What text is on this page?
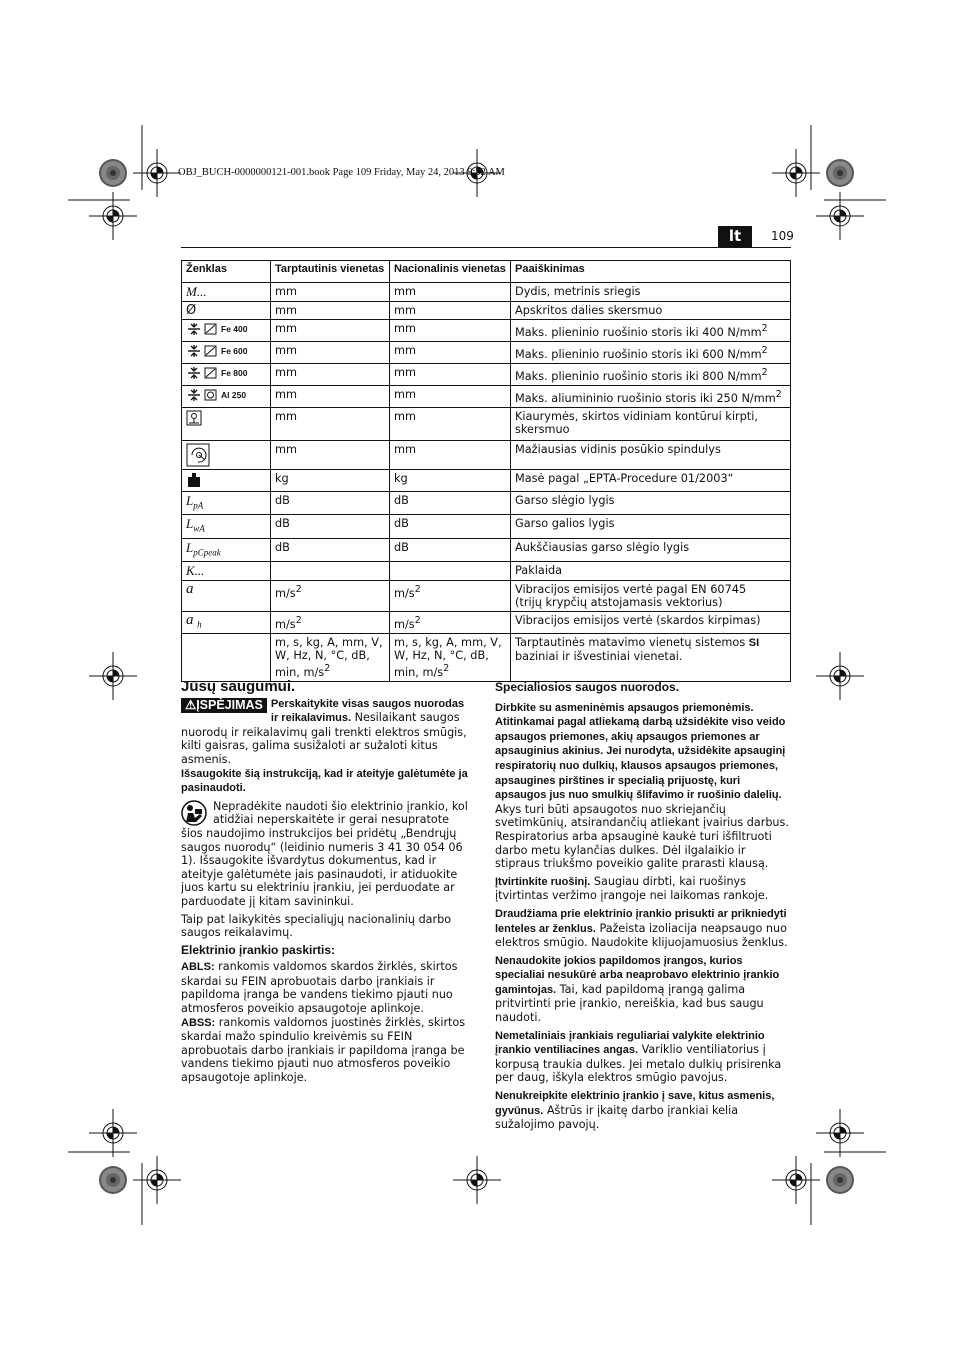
OBJ_BUCH-0000000121-001.book Page 109 Friday, May 24, 2013 9:52 AM
lt	109
Ženklas	Tarptautinis vienetas	Nacionalinis vienetas	Paaiškinimas
M...	mm	mm	Dydis, metrinis sriegis
Ø	mm	mm	Apskritos dalies skersmuo
Fe 400	mm	mm	Maks. plieninio ruošinio storis iki 400 $N/mm^2$
Fe 600	mm	mm	Maks. plieninio ruošinio storis iki 600 $N/mm^2$
Fe 800	mm	mm	Maks. plieninio ruošinio storis iki 800 $N/mm^2$
Al 250	mm	mm	Maks. aliumininio ruošinio storis iki 250 $N/mm^2$
	mm	mm	Kiaurymės, skirtos vidiniam kontūrui kirpti, skersmuo
	mm	mm	Mažiausias vidinis posūkio spindulys
	kg	kg	Masė pagal „EPTA-Procedure 01/2003“
$L_{pA}$	dB	dB	Garso slėgio lygis
$L_{wA}$	dB	dB	Garso galios lygis
$L_{pCpeak}$	dB	dB	Aukščiausias garso slėgio lygis
K...			Paklaida
a	$m/s^2$	$m/s^2$	Vibracijos emisijos vertė pagal EN 60745
(trijų krypčių atstojamasis vektorius)
a $_h$	$m/s^2$	$m/s^2$	Vibracijos emisijos vertė (skardos kirpimas)
	m, s, kg, A, mm, V, W, Hz, N, °C, dB, min, $m/s^2$	m, s, kg, A, mm, V, W, Hz, N, °C, dB, min, $m/s^2$	Tarptautinės matavimo vienetų sistemos SI baziniai ir išvestiniai vienetai.
Jūsų saugumui.

⚠ĮSPĖJIMAS Perskaitykite visas saugos nuorodas ir reikalavimus. Nesilaikant saugos nuorodų ir reikalavimų gali trenkti elektros smūgis, kilti gaisras, galima susižaloti ar sužaloti kitus asmenis.
Išsaugokite šią instrukciją, kad ir ateityje galėtumėte ja pasinaudoti.

Nepradėkite naudoti šio elektrinio įrankio, kol atidžiai neperskaitėte ir gerai nesupratote šios naudojimo instrukcijos bei pridėtų „Bendrųjų saugos nuorodų“ (leidinio numeris 3 41 30 054 06 1). Išsaugokite išvardytus dokumentus, kad ir ateityje galėtumėte jais pasinaudoti, ir atiduokite juos kartu su elektriniu įrankiu, jei perduodate ar parduodate jį kitam savininkui.

Taip pat laikykitės specialiųjų nacionalinių darbo saugos reikalavimų.

Elektrinio įrankio paskirtis:

ABLS: rankomis valdomos skardos žirklės, skirtos skardai su FEIN aprobuotais darbo įrankiais ir papildoma įranga be vandens tiekimo pjauti nuo atmosferos poveikio apsaugotoje aplinkoje.

ABSS: rankomis valdomos juostinės žirklės, skirtos skardai mažo spindulio kreivėmis su FEIN aprobuotais darbo įrankiais ir papildoma įranga be vandens tiekimo pjauti nuo atmosferos poveikio apsaugotoje aplinkoje.

Specialiosios saugos nuorodos.

Dirbkite su asmeninėmis apsaugos priemonėmis. Atitinkamai pagal atliekamą darbą užsidėkite viso veido apsaugos priemones, akių apsaugos priemones ar apsauginius akinius. Jei nurodyta, užsidėkite apsauginį respiratorių nuo dulkių, klausos apsaugos priemones, apsaugines pirštines ir specialią prijuostę, kuri apsaugos jus nuo smulkių šlifavimo ir ruošinio dalelių. Akys turi būti apsaugotos nuo skriejančių svetimkūnių, atsirandančių atliekant įvairius darbus. Respiratorius arba apsauginė kaukė turi išfiltruoti darbo metu kylančias dulkes. Dėl ilgalaikio ir stipraus triukšmo poveikio galite prarasti klausą.

Įtvirtinkite ruošinį. Saugiau dirbti, kai ruošinys įtvirtintas veržimo įrangoje nei laikomas rankoje.

Draudžiama prie elektrinio įrankio prisukti ar prikniedyti lenteles ar ženklus. Pažeista izoliacija neapsaugo nuo elektros smūgio. Naudokite klijuojamuosius ženklus.

Nenaudokite jokios papildomos įrangos, kurios specialiai nesukūrė arba neaprobavo elektrinio įrankio gamintojas. Tai, kad papildomą įrangą galima pritvirtinti prie įrankio, nereiškia, kad bus saugu naudoti.

Nemetaliniais įrankiais reguliariai valykite elektrinio įrankio ventiliacines angas. Variklio ventiliatorius į korpusą traukia dulkes. Jei metalo dulkių prisirenka per daug, iškyla elektros smūgio pavojus.

Nenukreipkite elektrinio įrankio į save, kitus asmenis, gyvūnus. Aštrūs ir įkaitę darbo įrankiai kelia sužalojimo pavojų.
